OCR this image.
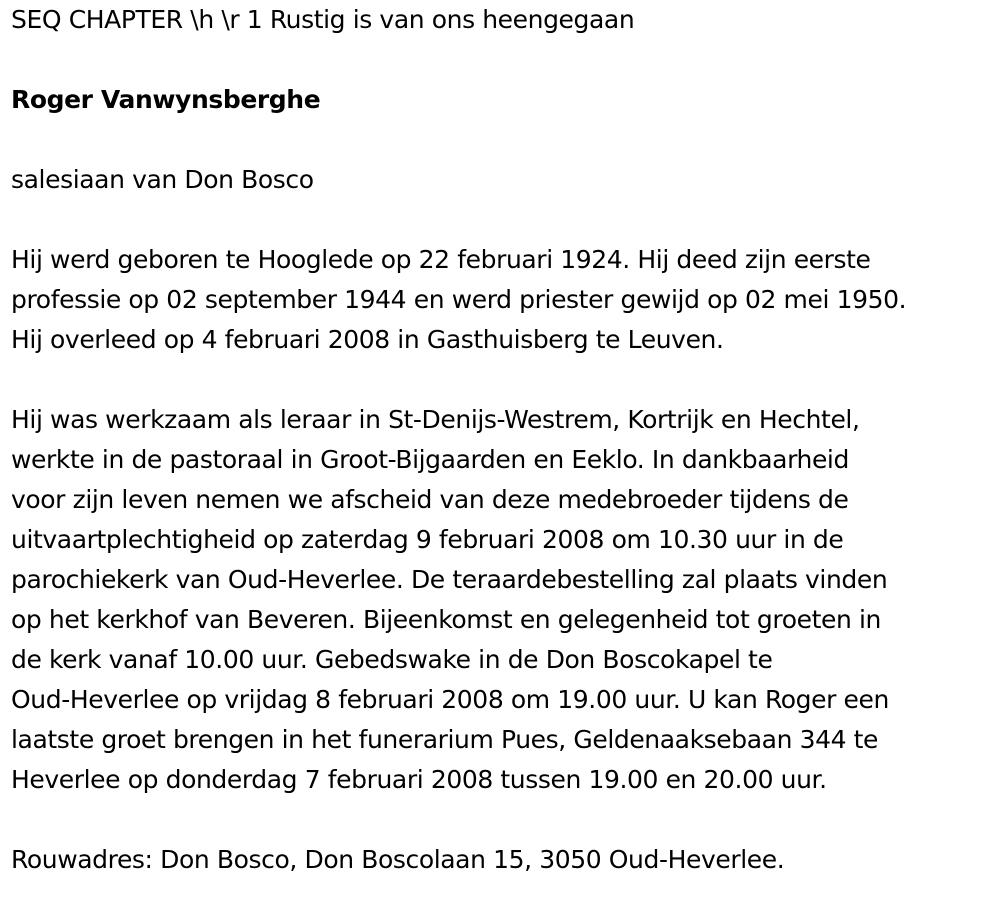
SEQ CHAPTER \h \r 1 Rustig is van ons heengegaan
Roger Vanwynsberghe
salesiaan van Don Bosco
Hij werd geboren te Hooglede op 22 februari 1924. Hij deed zijn eerste
professie op 02 september 1944 en werd priester gewijd op 02 mei 1950.
Hij overleed op 4 februari 2008 in Gasthuisberg te Leuven.
Hij was werkzaam als leraar in St-Denijs-Westrem, Kortrijk en Hechtel,
werkte in de pastoraal in Groot-Bijgaarden en Eeklo. In dankbaarheid
voor zijn leven nemen we afscheid van deze medebroeder tijdens de
uitvaartplechtigheid op zaterdag 9 februari 2008 om 10.30 uur in de
parochiekerk van Oud-Heverlee. De teraardebestelling zal plaats vinden
op het kerkhof van Beveren. Bijeenkomst en gelegenheid tot groeten in
de kerk vanaf 10.00 uur. Gebedswake in de Don Boscokapel te
Oud-Heverlee op vrijdag 8 februari 2008 om 19.00 uur. U kan Roger een
laatste groet brengen in het funerarium Pues, Geldenaaksebaan 344 te
Heverlee op donderdag 7 februari 2008 tussen 19.00 en 20.00 uur.
Rouwadres: Don Bosco, Don Boscolaan 15, 3050 Oud-Heverlee.
